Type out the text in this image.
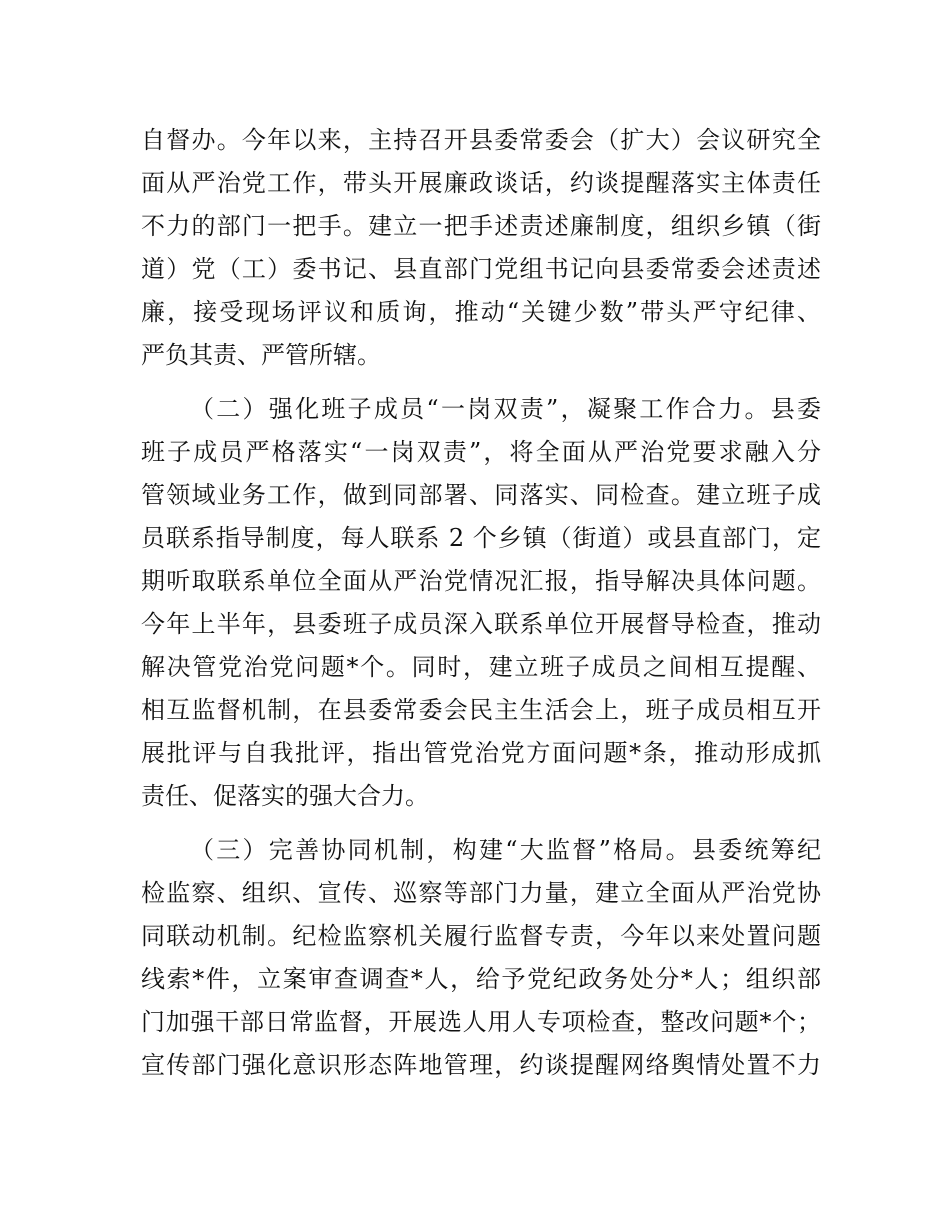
自督办。今年以来，主持召开县委常委会（扩大）会议研究全
面从严治党工作，带头开展廉政谈话，约谈提醒落实主体责任
不力的部门一把手。建立一把手述责述廉制度，组织乡镇（街
道）党（工）委书记、县直部门党组书记向县委常委会述责述
廉，接受现场评议和质询，推动“关键少数”带头严守纪律、
严负其责、严管所辖。
（二）强化班子成员“一岗双责”，凝聚工作合力。县委
班子成员严格落实“一岗双责”，将全面从严治党要求融入分
管领域业务工作，做到同部署、同落实、同检查。建立班子成
员联系指导制度，每人联系 2 个乡镇（街道）或县直部门，定
期听取联系单位全面从严治党情况汇报，指导解决具体问题。
今年上半年，县委班子成员深入联系单位开展督导检查，推动
解决管党治党问题*个。同时，建立班子成员之间相互提醒、
相互监督机制，在县委常委会民主生活会上，班子成员相互开
展批评与自我批评，指出管党治党方面问题*条，推动形成抓
责任、促落实的强大合力。
（三）完善协同机制，构建“大监督”格局。县委统筹纪
检监察、组织、宣传、巡察等部门力量，建立全面从严治党协
同联动机制。纪检监察机关履行监督专责，今年以来处置问题
线索*件，立案审查调查*人，给予党纪政务处分*人；组织部
门加强干部日常监督，开展选人用人专项检查，整改问题*个；
宣传部门强化意识形态阵地管理，约谈提醒网络舆情处置不力
